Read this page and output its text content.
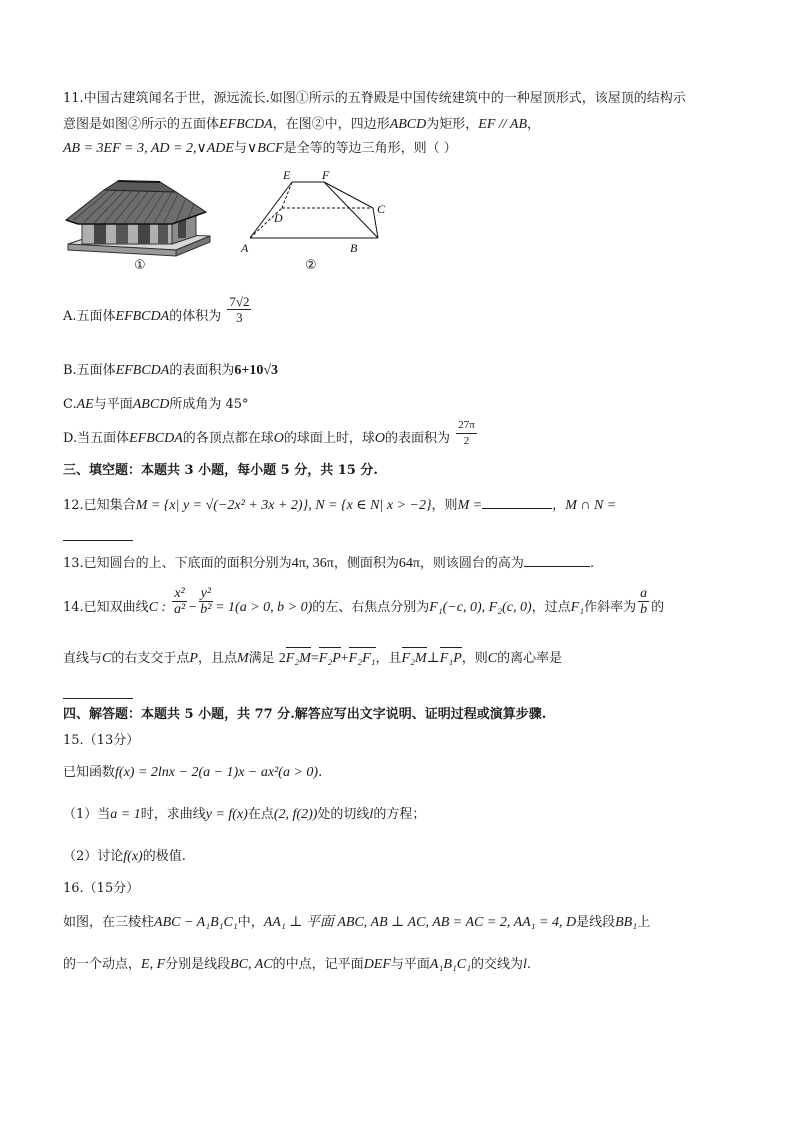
11.中国古建筑闻名于世，源远流长.如图①所示的五脊殿是中国传统建筑中的一种屋顶形式，该屋顶的结构示
意图是如图②所示的五面体EFBCDA，在图②中，四边形ABCD为矩形，EF // AB，
AB = 3EF = 3, AD = 2,∨ADE与∨BCF是全等的等边三角形，则（ ）
①
E	F
D
C
A	B
②
A.五面体EFBCDA的体积为 $\frac{7√2}{3}$
B.五面体EFBCDA的表面积为6+10√3
C.AE与平面ABCD所成角为 45°
D.当五面体EFBCDA的各顶点都在球O的球面上时，球O的表面积为 $\frac{27\pi}{2}$
三、填空题：本题共 3 小题，每小题 5 分，共 15 分.
12.已知集合M = {x| y = √(−2x² + 3x + 2)}, N = {x ∈ N| x > −2}，则M =	，M ∩ N =
13.已知圆台的上、下底面的面积分别为4π, 36π，侧面积为64π，则该圆台的高为	.
14.已知双曲线C : $\frac{\text{x²}}{\text{a²}} - \frac{\text{y²}}{\text{b²}} = 1(a > 0$, b > 0)的左、右焦点分别为F₁(−c, 0), F₂(c, 0)，过点F₁作斜率为 $\frac{a}{b}$ 的
直线与C的右支交于点P，且点M满足 2F₂M=F₂P+F₂F₁，且F₂M⊥F₁P，则C的离心率是
四、解答题：本题共 5 小题，共 77 分.解答应写出文字说明、证明过程或演算步骤.
15.（13分）
已知函数f(x) = 2lnx − 2(a − 1)x − ax²(a > 0).
（1）当a = 1时，求曲线y = f(x)在点(2, f(2))处的切线l的方程；
（2）讨论f(x)的极值.
16.（15分）
如图，在三棱柱ABC − A₁B₁C₁中，AA₁ ⊥ 平面 ABC, AB ⊥ AC, AB = AC = 2, AA₁ = 4, D是线段BB₁上
的一个动点，E, F分别是线段BC, AC的中点，记平面DEF与平面A₁B₁C₁的交线为l.
